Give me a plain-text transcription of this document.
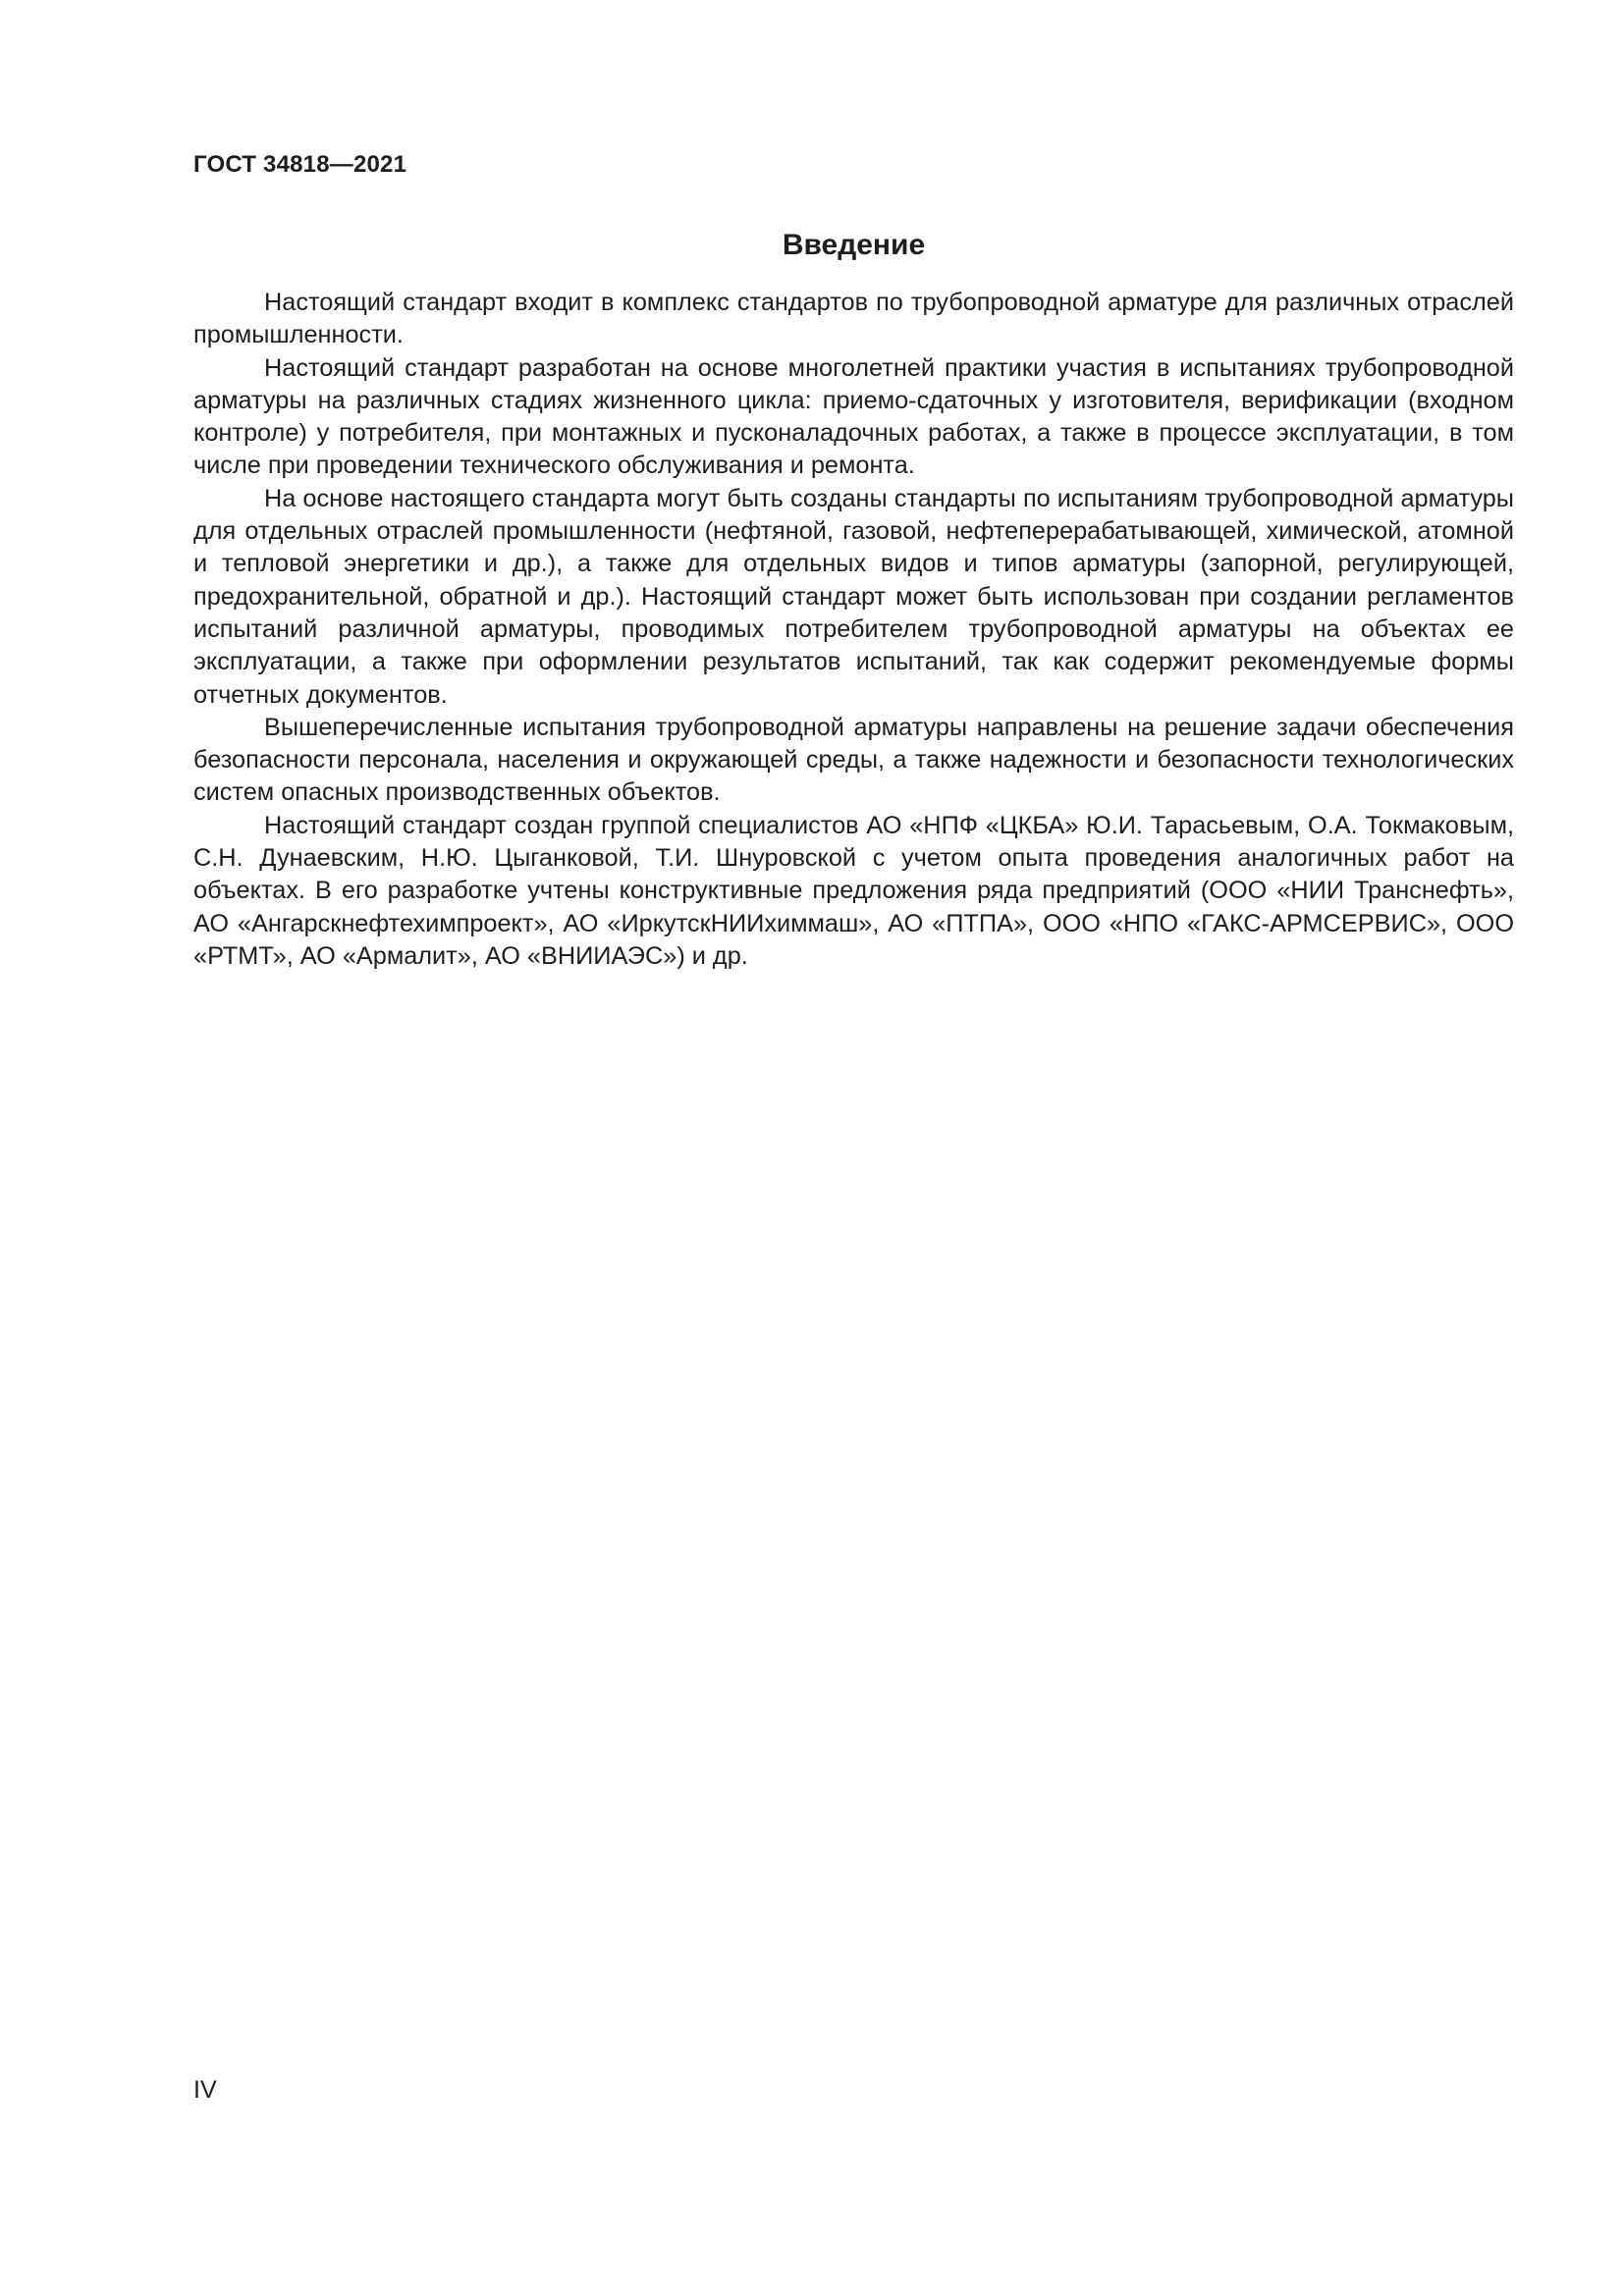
ГОСТ 34818—2021
Введение

Настоящий стандарт входит в комплекс стандартов по трубопроводной арматуре для различных отраслей промышленности.

Настоящий стандарт разработан на основе многолетней практики участия в испытаниях трубопроводной арматуры на различных стадиях жизненного цикла: приемо-сдаточных у изготовителя, верификации (входном контроле) у потребителя, при монтажных и пусконаладочных работах, а также в процессе эксплуатации, в том числе при проведении технического обслуживания и ремонта.

На основе настоящего стандарта могут быть созданы стандарты по испытаниям трубопроводной арматуры для отдельных отраслей промышленности (нефтяной, газовой, нефтеперерабатывающей, химической, атомной и тепловой энергетики и др.), а также для отдельных видов и типов арматуры (запорной, регулирующей, предохранительной, обратной и др.). Настоящий стандарт может быть использован при создании регламентов испытаний различной арматуры, проводимых потребителем трубопроводной арматуры на объектах ее эксплуатации, а также при оформлении результатов испытаний, так как содержит рекомендуемые формы отчетных документов.

Вышеперечисленные испытания трубопроводной арматуры направлены на решение задачи обеспечения безопасности персонала, населения и окружающей среды, а также надежности и безопасности технологических систем опасных производственных объектов.

Настоящий стандарт создан группой специалистов АО «НПФ «ЦКБА» Ю.И. Тарасьевым, О.А. Токмаковым, С.Н. Дунаевским, Н.Ю. Цыганковой, Т.И. Шнуровской с учетом опыта проведения аналогичных работ на объектах. В его разработке учтены конструктивные предложения ряда предприятий (ООО «НИИ Транснефть», АО «Ангарскнефтехимпроект», АО «ИркутскНИИхиммаш», АО «ПТПА», ООО «НПО «ГАКС-АРМСЕРВИС», ООО «РТМТ», АО «Армалит», АО «ВНИИАЭС») и др.

IV
